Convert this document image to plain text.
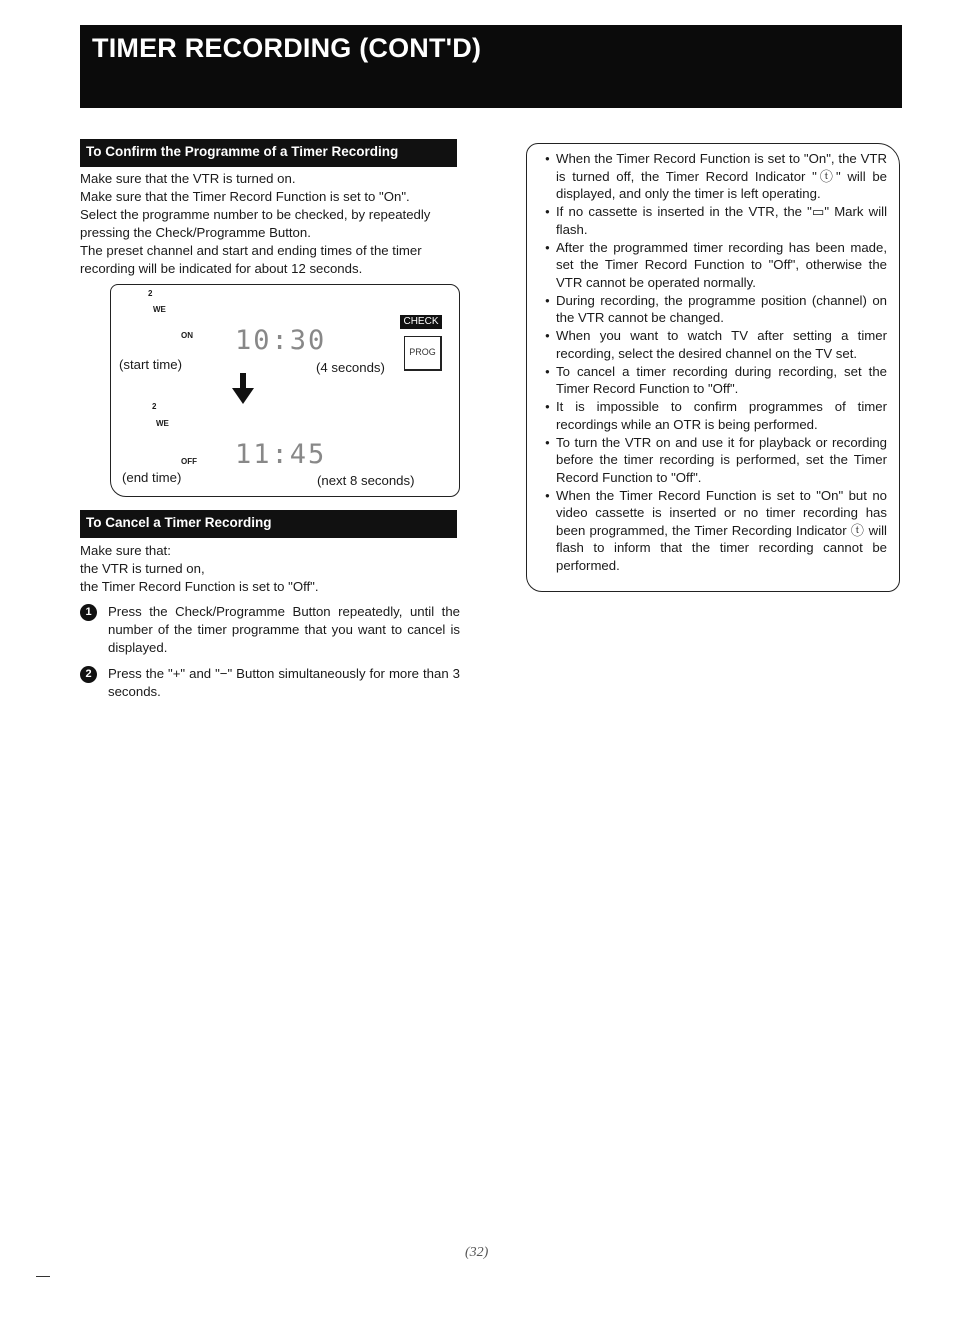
TIMER RECORDING (CONT'D)
To Confirm the Programme of a Timer Recording

Make sure that the VTR is turned on.
Make sure that the Timer Record Function is set to "On".
Select the programme number to be checked, by repeatedly pressing the Check/Programme Button.
The preset channel and start and ending times of the timer recording will be indicated for about 12 seconds.

2
WE
ON 10:30
CHECK
PROG
(start time)	(4 seconds)
2
WE
OFF 11:45
(end time)	(next 8 seconds)
To Cancel a Timer Recording

Make sure that:
the VTR is turned on,
the Timer Record Function is set to "Off".

1	Press the Check/Programme Button repeatedly, until the number of the timer programme that you want to cancel is displayed.
2	Press the "+" and "−" Button simultaneously for more than 3 seconds.
● When the Timer Record Function is set to "On", the VTR is turned off, the Timer Record Indicator "ⓣ" will be displayed, and only the timer is left operating.
● If no cassette is inserted in the VTR, the "▭" Mark will flash.
● After the programmed timer recording has been made, set the Timer Record Function to "Off", otherwise the VTR cannot be operated normally.
● During recording, the programme position (channel) on the VTR cannot be changed.
● When you want to watch TV after setting a timer recording, select the desired channel on the TV set.
● To cancel a timer recording during recording, set the Timer Record Function to "Off".
● It is impossible to confirm programmes of timer recordings while an OTR is being performed.
● To turn the VTR on and use it for playback or recording before the timer recording is performed, set the Timer Record Function to "Off".
● When the Timer Record Function is set to "On" but no video cassette is inserted or no timer recording has been programmed, the Timer Recording Indicator ⓣ will flash to inform that the timer recording cannot be performed.
(32)
